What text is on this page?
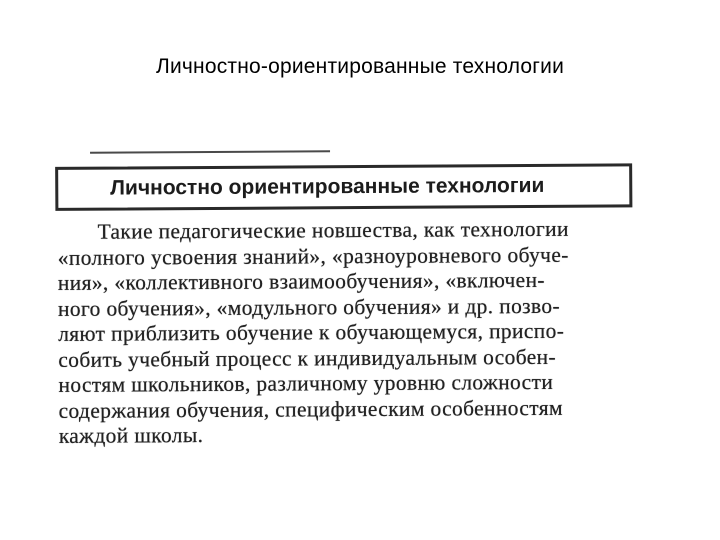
Личностно-ориентированные технологии
Личностно ориентированные технологии
Такие педагогические новшества, как технологии
«полного усвоения знаний», «разноуровневого обуче-
ния», «коллективного взаимообучения», «включен-
ного обучения», «модульного обучения» и др. позво-
ляют приблизить обучение к обучающемуся, приспо-
собить учебный процесс к индивидуальным особен-
ностям школьников, различному уровню сложности
содержания обучения, специфическим особенностям
каждой школы.
